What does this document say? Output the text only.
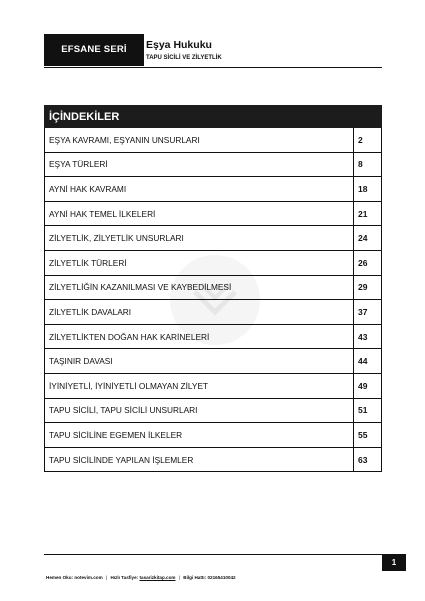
EFSANE SERİ	Eşya Hukuku
TAPU SİCİLİ VE ZİLYETLİK
İÇİNDEKİLER	
EŞYA KAVRAMI, EŞYANIN UNSURLARI	2
EŞYA TÜRLERİ	8
AYNİ HAK KAVRAMI	18
AYNİ HAK TEMEL İLKELERİ	21
ZİLYETLİK, ZİLYETLİK UNSURLARI	24
ZİLYETLİK TÜRLERİ	26
ZİLYETLİĞİN KAZANILMASI VE KAYBEDİLMESİ	29
ZİLYETLİK DAVALARI	37
ZİLYETLİKTEN DOĞAN HAK KARİNELERİ	43
TAŞINIR DAVASI	44
İYİNİYETLİ, İYİNİYETLİ OLMAYAN ZİLYET	49
TAPU SİCİLİ, TAPU SİCİLİ UNSURLARI	51
TAPU SİCİLİNE EGEMEN İLKELER	55
TAPU SİCİLİNDE YAPILAN İŞLEMLER	63
1
Hemen Oku: notevim.com | Hızlı Tasfiye: tasarizkitap.com | Bilgi Hattı: 02165410042
